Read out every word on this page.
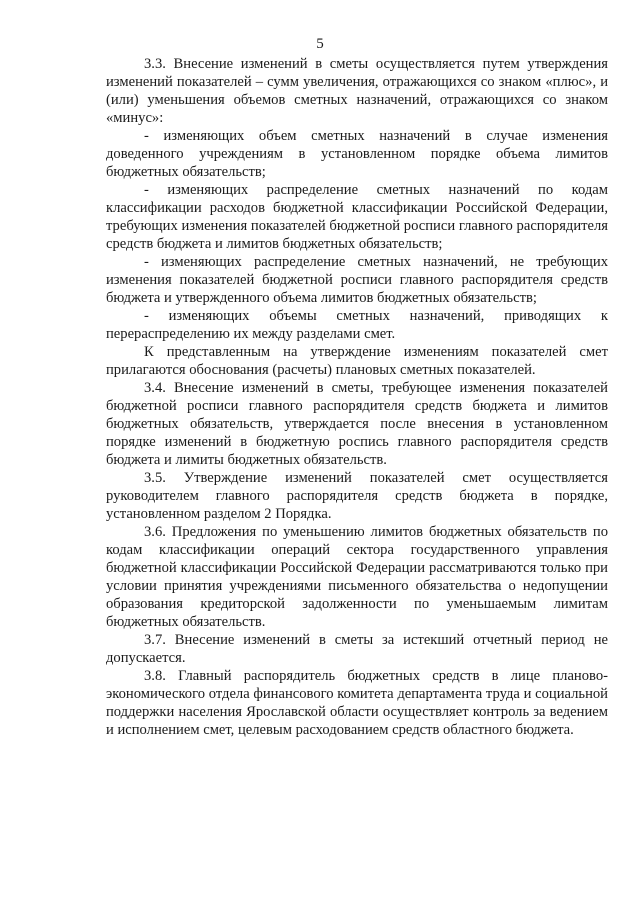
5

3.3. Внесение изменений в сметы осуществляется путем утверждения изменений показателей – сумм увеличения, отражающихся со знаком «плюс», и (или) уменьшения объемов сметных назначений, отражающихся со знаком «минус»:

- изменяющих объем сметных назначений в случае изменения доведенного учреждениям в установленном порядке объема лимитов бюджетных обязательств;

- изменяющих распределение сметных назначений по кодам классификации расходов бюджетной классификации Российской Федерации, требующих изменения показателей бюджетной росписи главного распорядителя средств бюджета и лимитов бюджетных обязательств;

- изменяющих распределение сметных назначений, не требующих изменения показателей бюджетной росписи главного распорядителя средств бюджета и утвержденного объема лимитов бюджетных обязательств;

- изменяющих объемы сметных назначений, приводящих к перераспределению их между разделами смет.

К представленным на утверждение изменениям показателей смет прилагаются обоснования (расчеты) плановых сметных показателей.

3.4. Внесение изменений в сметы, требующее изменения показателей бюджетной росписи главного распорядителя средств бюджета и лимитов бюджетных обязательств, утверждается после внесения в установленном порядке изменений в бюджетную роспись главного распорядителя средств бюджета и лимиты бюджетных обязательств.

3.5. Утверждение изменений показателей смет осуществляется руководителем главного распорядителя средств бюджета в порядке, установленном разделом 2 Порядка.

3.6. Предложения по уменьшению лимитов бюджетных обязательств по кодам классификации операций сектора государственного управления бюджетной классификации Российской Федерации рассматриваются только при условии принятия учреждениями письменного обязательства о недопущении образования кредиторской задолженности по уменьшаемым лимитам бюджетных обязательств.

3.7. Внесение изменений в сметы за истекший отчетный период не допускается.

3.8. Главный распорядитель бюджетных средств в лице планово-экономического отдела финансового комитета департамента труда и социальной поддержки населения Ярославской области осуществляет контроль за ведением и исполнением смет, целевым расходованием средств областного бюджета.
